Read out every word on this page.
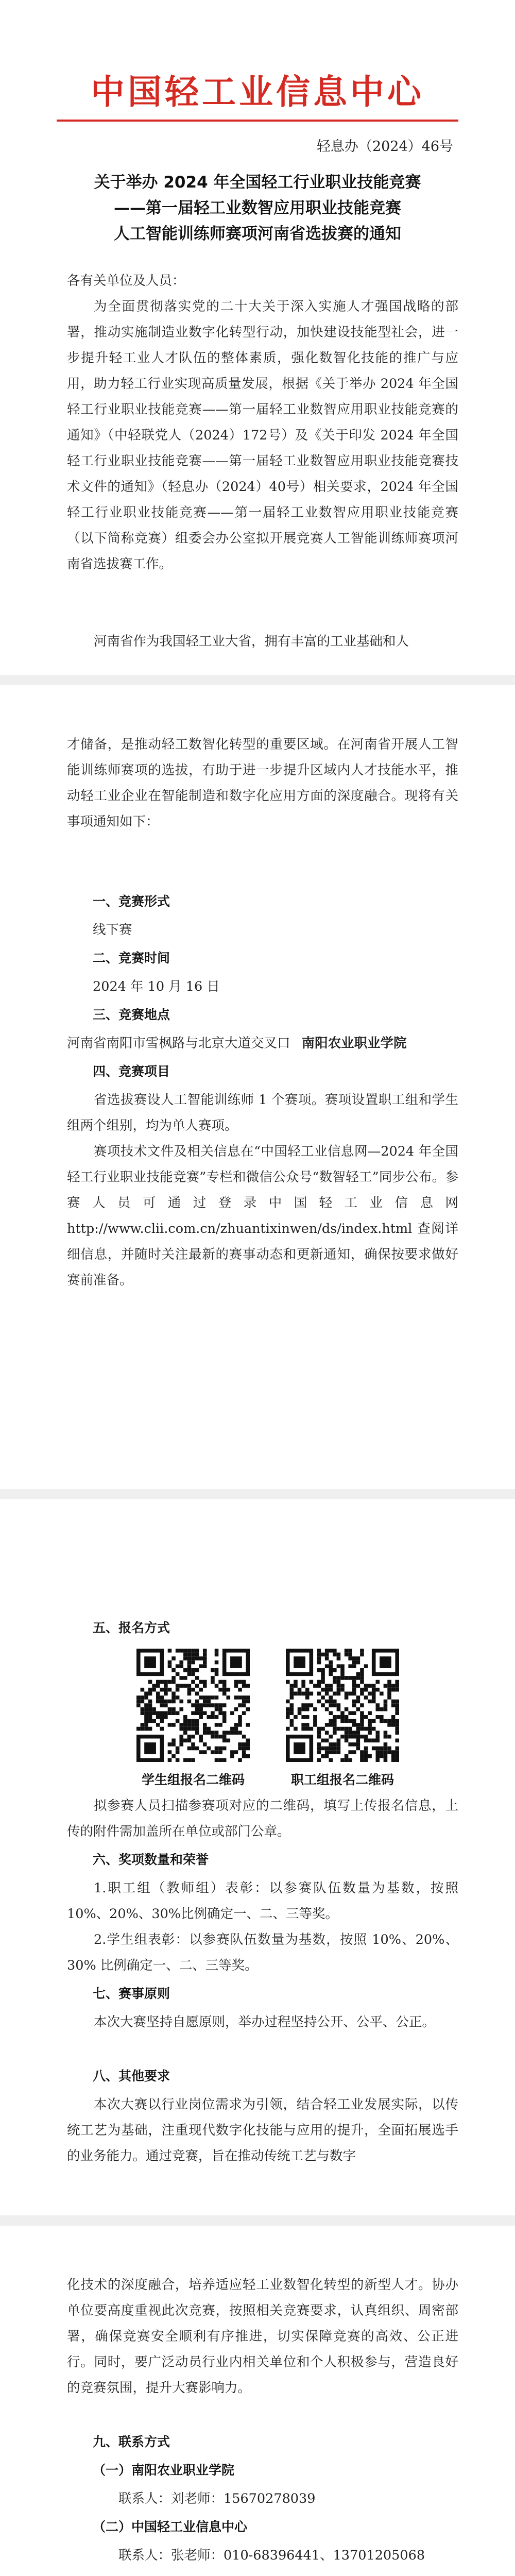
中国轻工业信息中心
轻息办（2024）46号
关于举办 2024 年全国轻工行业职业技能竞赛
——第一届轻工业数智应用职业技能竞赛
人工智能训练师赛项河南省选拔赛的通知
各有关单位及人员：
为全面贯彻落实党的二十大关于深入实施人才强国战略的部署，推动实施制造业数字化转型行动，加快建设技能型社会，进一步提升轻工业人才队伍的整体素质，强化数智化技能的推广与应用，助力轻工行业实现高质量发展，根据《关于举办 2024 年全国轻工行业职业技能竞赛——第一届轻工业数智应用职业技能竞赛的通知》（中轻联党人（2024）172号）及《关于印发 2024 年全国轻工行业职业技能竞赛——第一届轻工业数智应用职业技能竞赛技术文件的通知》（轻息办（2024）40号）相关要求，2024 年全国轻工行业职业技能竞赛——第一届轻工业数智应用职业技能竞赛（以下简称竞赛）组委会办公室拟开展竞赛人工智能训练师赛项河南省选拔赛工作。
河南省作为我国轻工业大省，拥有丰富的工业基础和人
才储备，是推动轻工数智化转型的重要区域。在河南省开展人工智能训练师赛项的选拔，有助于进一步提升区域内人才技能水平，推动轻工业企业在智能制造和数字化应用方面的深度融合。现将有关事项通知如下：
一、竞赛形式
线下赛
二、竞赛时间
2024 年 10 月 16 日
三、竞赛地点
河南省南阳市雪枫路与北京大道交叉口 南阳农业职业学院
四、竞赛项目
省选拔赛设人工智能训练师 1 个赛项。赛项设置职工组和学生组两个组别，均为单人赛项。
赛项技术文件及相关信息在“中国轻工业信息网—2024 年全国轻工行业职业技能竞赛”专栏和微信公众号“数智轻工”同步公布。参赛人员可通过登录中国轻工业信息网 http://www.clii.com.cn/zhuantixinwen/ds/index.html 查阅详细信息，并随时关注最新的赛事动态和更新通知，确保按要求做好赛前准备。
五、报名方式
学生组报名二维码	职工组报名二维码
拟参赛人员扫描参赛项对应的二维码，填写上传报名信息，上传的附件需加盖所在单位或部门公章。
六、奖项数量和荣誉
1.职工组（教师组）表彰：以参赛队伍数量为基数，按照 10%、20%、30%比例确定一、二、三等奖。
2.学生组表彰：以参赛队伍数量为基数，按照 10%、20%、30% 比例确定一、二、三等奖。
七、赛事原则
本次大赛坚持自愿原则，举办过程坚持公开、公平、公正。
八、其他要求
本次大赛以行业岗位需求为引领，结合轻工业发展实际，以传统工艺为基础，注重现代数字化技能与应用的提升，全面拓展选手的业务能力。通过竞赛，旨在推动传统工艺与数字
化技术的深度融合，培养适应轻工业数智化转型的新型人才。协办单位要高度重视此次竞赛，按照相关竞赛要求，认真组织、周密部署，确保竞赛安全顺利有序推进，切实保障竞赛的高效、公正进行。同时，要广泛动员行业内相关单位和个人积极参与，营造良好的竞赛氛围，提升大赛影响力。
九、联系方式
（一）南阳农业职业学院
联系人：刘老师：15670278039
（二）中国轻工业信息中心
联系人：张老师：010-68396441、13701205068
